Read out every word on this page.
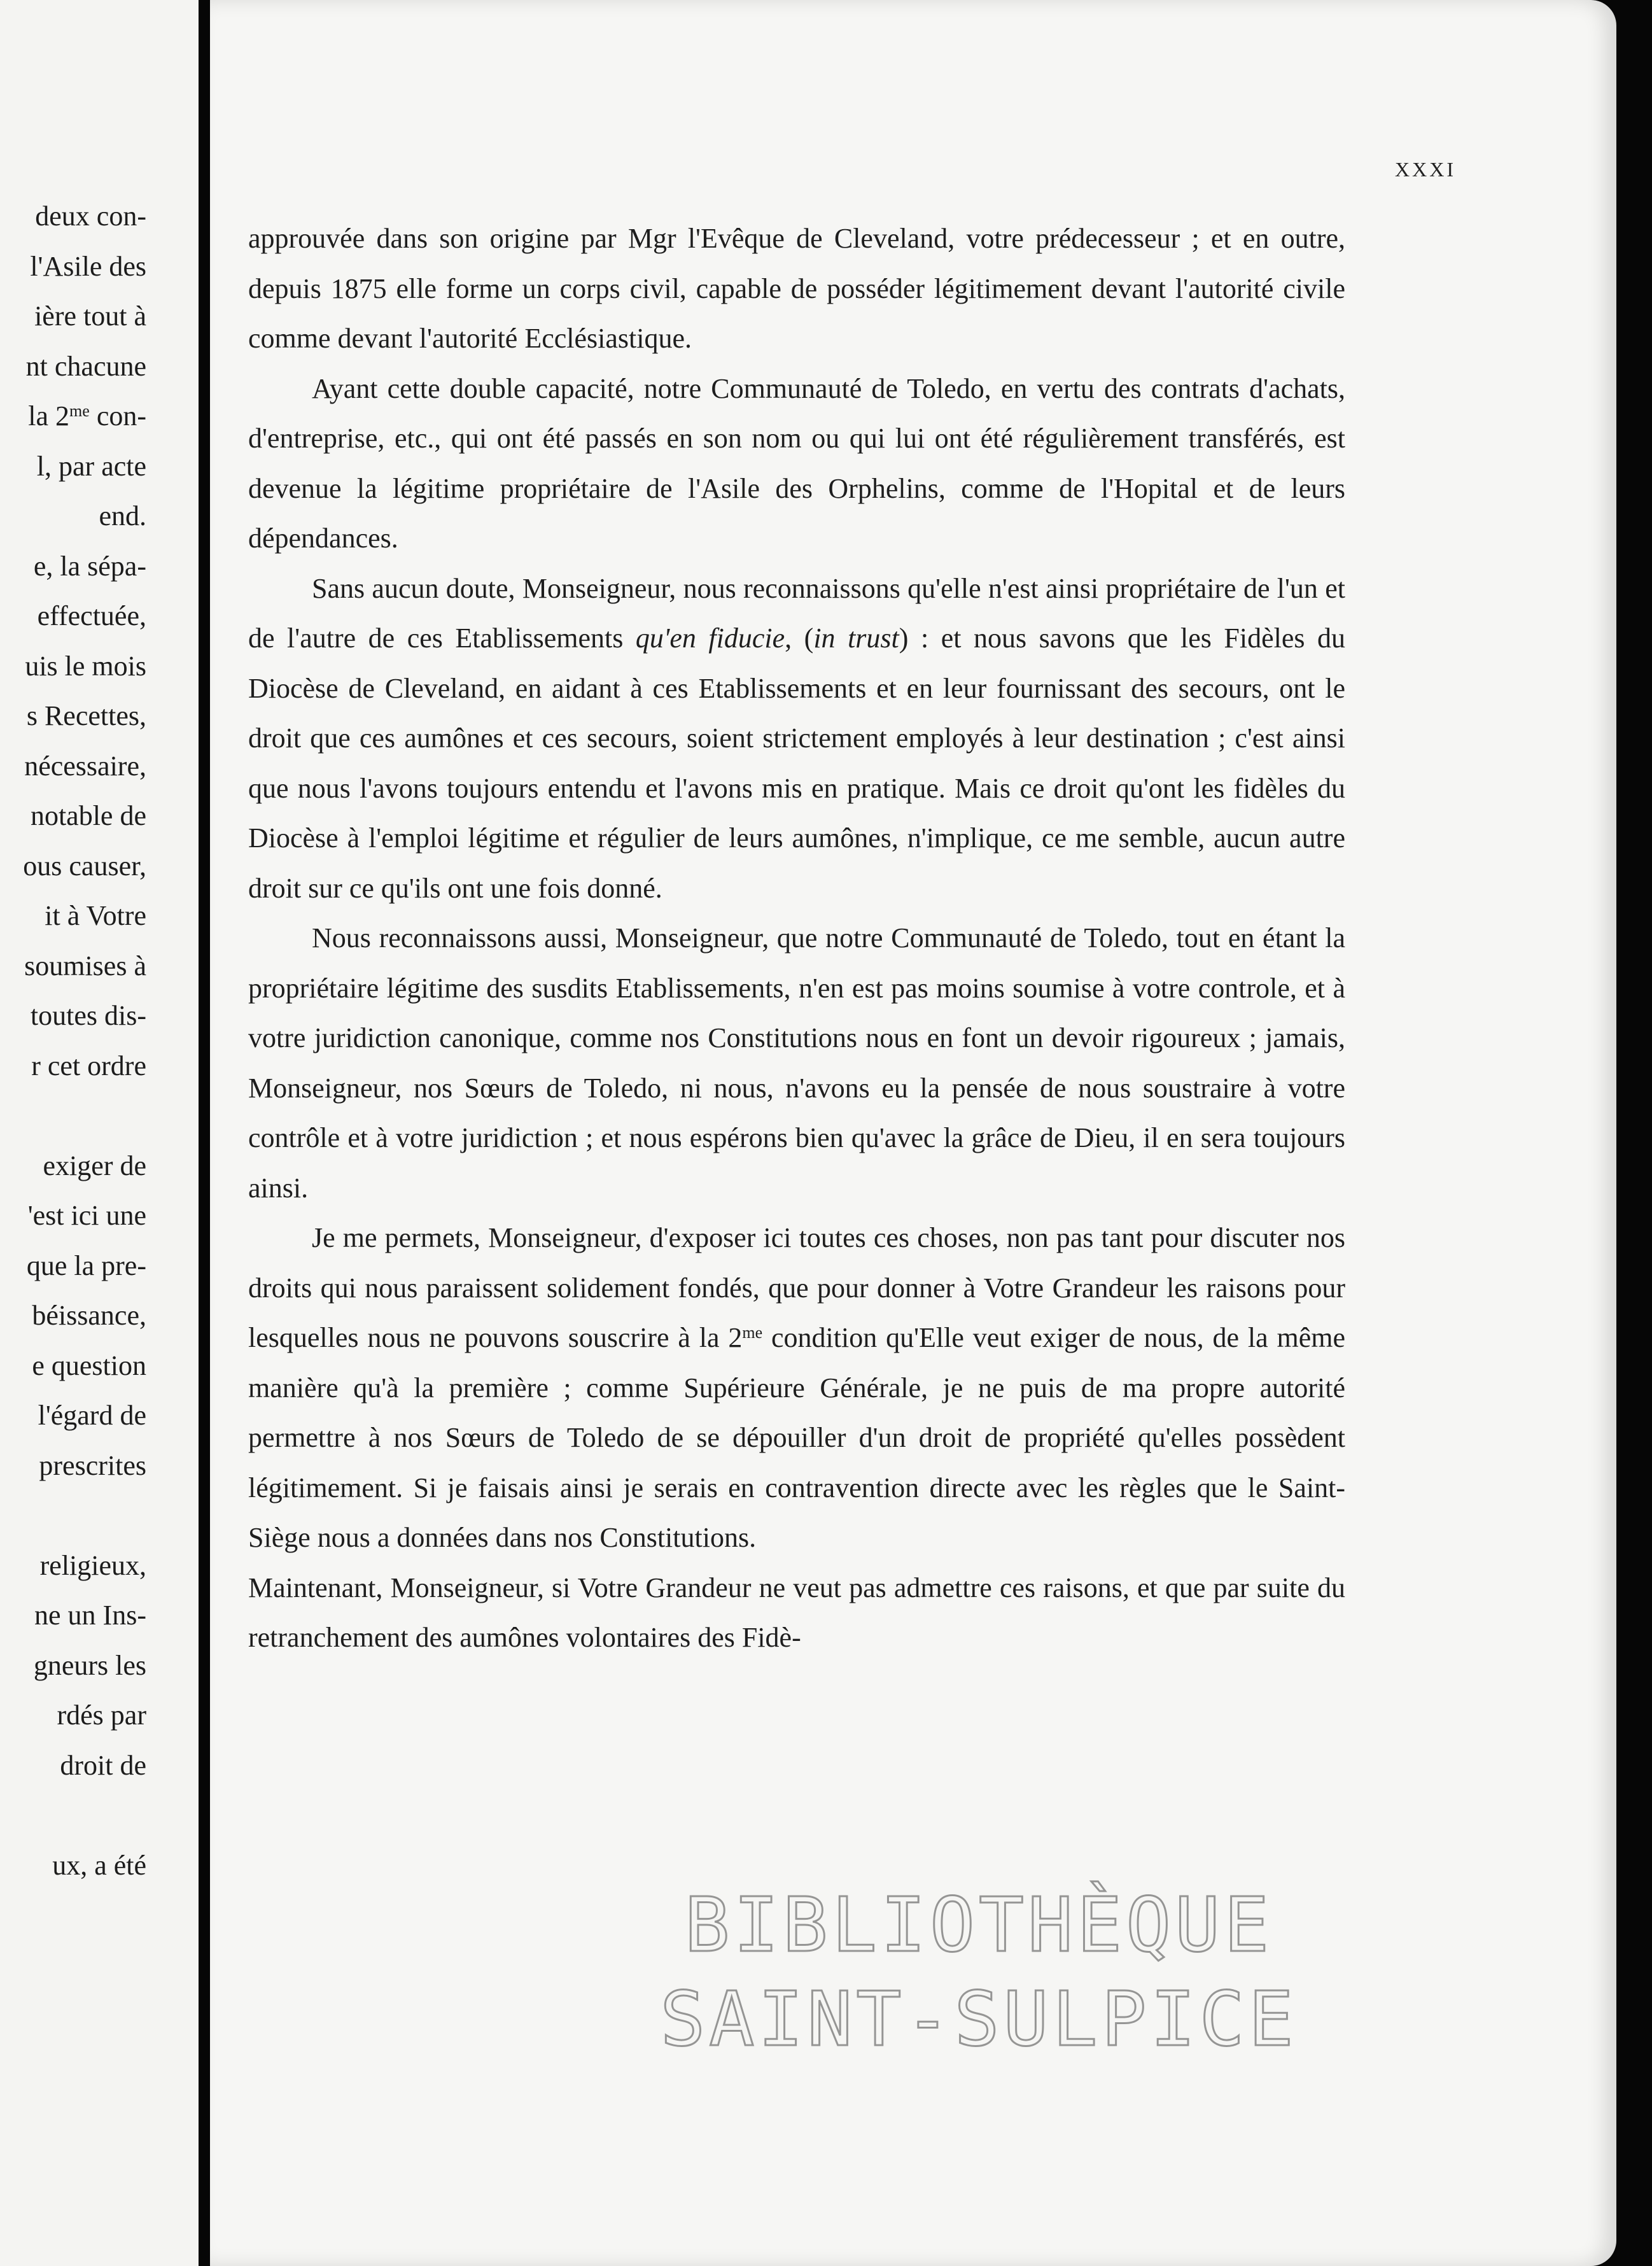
deux con-
l'Asile des
ière tout à
nt chacune
la $2^{me}$ con-
l, par acte
end.
e, la sépa-
effectuée,
uis le mois
s Recettes,
nécessaire,
notable de
ous causer,
it à Votre
soumises à
toutes dis-
r cet ordre
exiger de
'est ici une
que la pre-
béissance,
e question
l'égard de
prescrites
religieux,
ne un Ins-
gneurs les
rdés par
droit de
ux, a été
XXXI

approuvée dans son origine par Mgr l'Evêque de Cleveland, votre prédecesseur ; et en outre, depuis 1875 elle forme un corps civil, capable de posséder légitimement devant l'autorité civile comme devant l'autorité Ecclésiastique.

Ayant cette double capacité, notre Communauté de Toledo, en vertu des contrats d'achats, d'entreprise, etc., qui ont été passés en son nom ou qui lui ont été régulièrement transférés, est devenue la légitime propriétaire de l'Asile des Orphelins, comme de l'Hopital et de leurs dépendances.

Sans aucun doute, Monseigneur, nous reconnaissons qu'elle n'est ainsi propriétaire de l'un et de l'autre de ces Etablissements qu'en fiducie, (in trust) : et nous savons que les Fidèles du Diocèse de Cleveland, en aidant à ces Etablissements et en leur fournissant des secours, ont le droit que ces aumônes et ces secours, soient strictement employés à leur destination ; c'est ainsi que nous l'avons toujours entendu et l'avons mis en pratique. Mais ce droit qu'ont les fidèles du Diocèse à l'emploi légitime et régulier de leurs aumônes, n'implique, ce me semble, aucun autre droit sur ce qu'ils ont une fois donné.

Nous reconnaissons aussi, Monseigneur, que notre Communauté de Toledo, tout en étant la propriétaire légitime des susdits Etablissements, n'en est pas moins soumise à votre controle, et à votre juridiction canonique, comme nos Constitutions nous en font un devoir rigoureux ; jamais, Monseigneur, nos Sœurs de Toledo, ni nous, n'avons eu la pensée de nous soustraire à votre contrôle et à votre juridiction ; et nous espérons bien qu'avec la grâce de Dieu, il en sera toujours ainsi.

Je me permets, Monseigneur, d'exposer ici toutes ces choses, non pas tant pour discuter nos droits qui nous paraissent solidement fondés, que pour donner à Votre Grandeur les raisons pour lesquelles nous ne pouvons souscrire à la $2^{me}$ condition qu'Elle veut exiger de nous, de la même manière qu'à la première ; comme Supérieure Générale, je ne puis de ma propre autorité permettre à nos Sœurs de Toledo de se dépouiller d'un droit de propriété qu'elles possèdent légitimement. Si je faisais ainsi je serais en contravention directe avec les règles que le Saint-Siège nous a données dans nos Constitutions.

Maintenant, Monseigneur, si Votre Grandeur ne veut pas admettre ces raisons, et que par suite du retranchement des aumônes volontaires des Fidè-

BIBLIOTHÈQUE
SAINT-SULPICE
